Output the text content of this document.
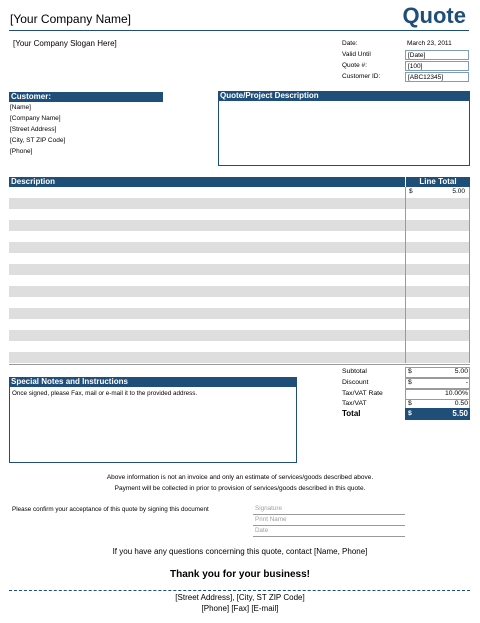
[Your Company Name]	Quote
[Your Company Slogan Here]	Date:	March 23, 2011
Valid Until	[Date]
Quote #:	[100]
Customer ID:	[ABC12345]
Customer:
[Name]
[Company Name]
[Street Address]
[City, ST ZIP Code]
[Phone]
Quote/Project Description
Description	Line Total
$	5.00
Special Notes and Instructions
Once signed, please Fax, mail or e-mail it to the provided address.
Subtotal	$	5.00
Discount	$	-
Tax/VAT Rate	10.00%
Tax/VAT	$	0.50
Total	$	5.50
Above information is not an invoice and only an estimate of services/goods described above.
Payment will be collected in prior to provision of services/goods described in this quote.
Please confirm your acceptance of this quote by signing this document	Signature
Print Name
Date
If you have any questions concerning this quote, contact [Name, Phone]
Thank you for your business!
[Street Address], [City, ST ZIP Code]
[Phone] [Fax] [E-mail]
